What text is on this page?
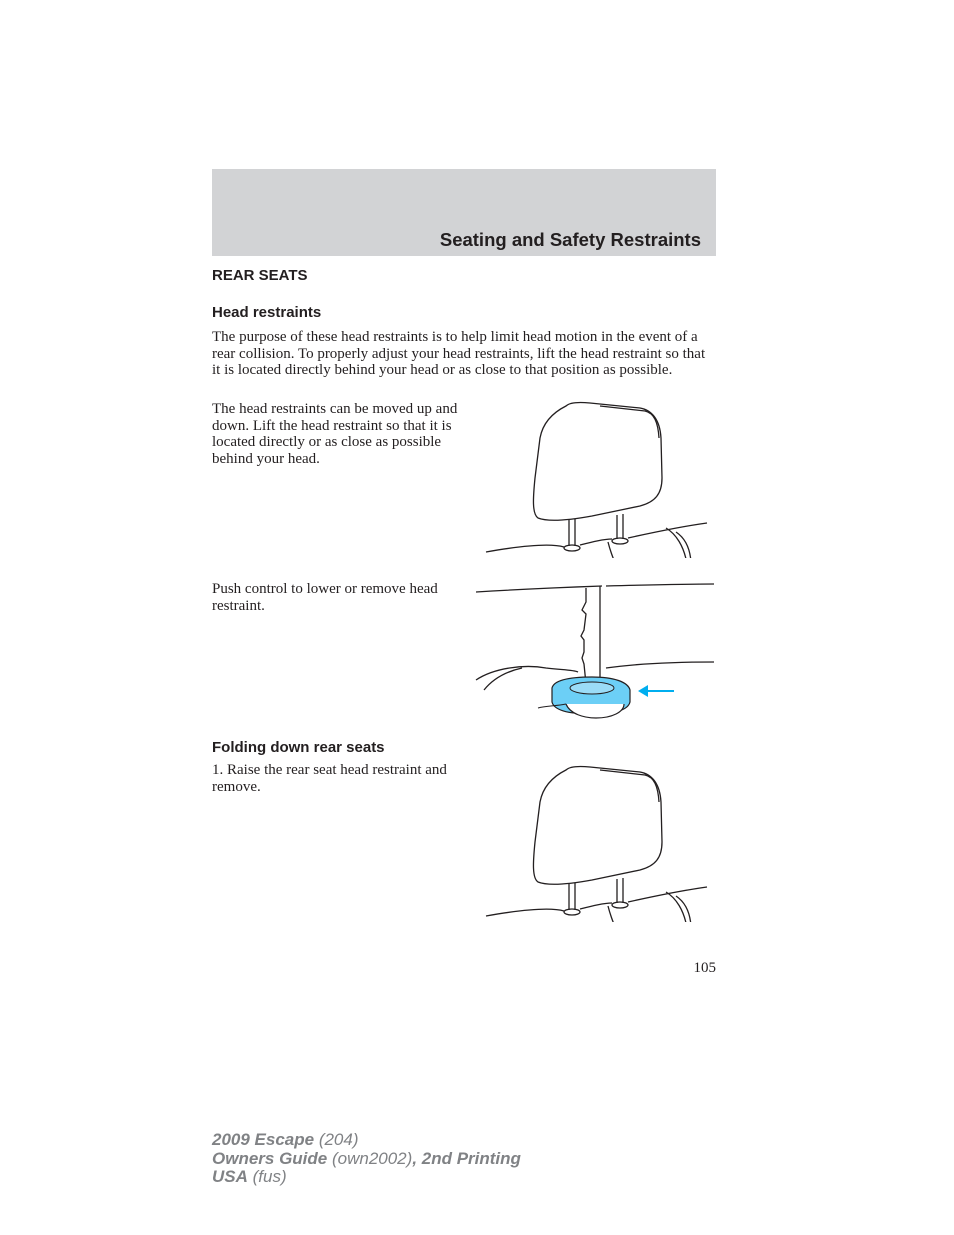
Seating and Safety Restraints
REAR SEATS
Head restraints
The purpose of these head restraints is to help limit head motion in the event of a rear collision. To properly adjust your head restraints, lift the head restraint so that it is located directly behind your head or as close to that position as possible.
The head restraints can be moved up and down. Lift the head restraint so that it is located directly or as close as possible behind your head.
Push control to lower or remove head restraint.
Folding down rear seats
1. Raise the rear seat head restraint and remove.
105
2009 Escape (204)
Owners Guide (own2002), 2nd Printing
USA (fus)
